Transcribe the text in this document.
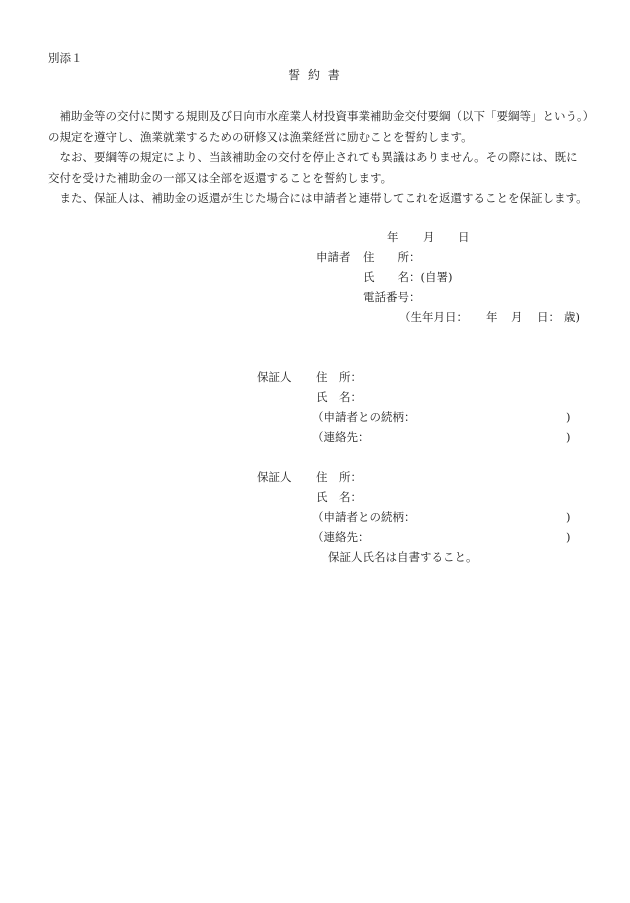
別添１
誓 約 書

　補助金等の交付に関する規則及び日向市水産業人材投資事業補助金交付要綱（以下「要綱等」という。）
の規定を遵守し、漁業就業するための研修又は漁業経営に励むことを誓約します。

　なお、要綱等の規定により、当該補助金の交付を停止されても異議はありません。その際には、既に
交付を受けた補助金の一部又は全部を返還することを誓約します。

　また、保証人は、補助金の返還が生じた場合には申請者と連帯してこれを返還することを保証します。

年 月 日
申請者 住　　所：
氏　　名：(自署)
電話番号：
（生年月日： 年 月 日： 歳)
保証人 住　所：
氏　名：
（申請者との続柄：	)
（連絡先：	)
保証人 住　所：
氏　名：
（申請者との続柄：	)
（連絡先：	)
保証人氏名は自書すること。
